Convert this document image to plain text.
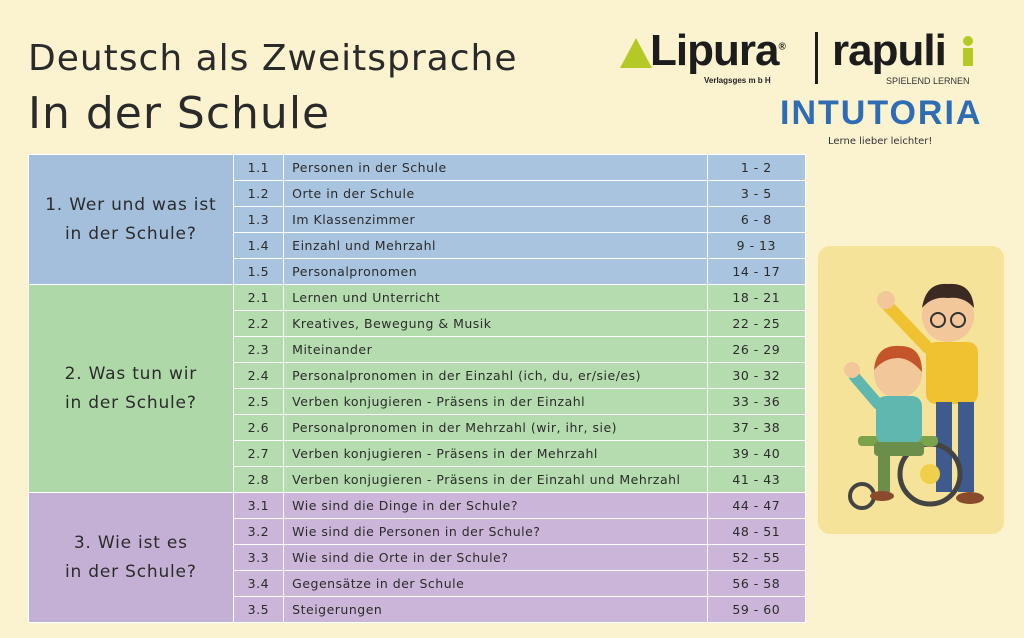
Deutsch als Zweitsprache
In der Schule
Lipura®
Verlagsges m b H
rapuli
SPIELEND LERNEN
INTUTORIA
Lerne lieber leichter!
1. Wer und was ist
in der Schule?	1.1	Personen in der Schule	1 - 2
	1.2	Orte in der Schule	3 - 5
	1.3	Im Klassenzimmer	6 - 8
	1.4	Einzahl und Mehrzahl	9 - 13
	1.5	Personalpronomen	14 - 17

2. Was tun wir
in der Schule?	2.1	Lernen und Unterricht	18 - 21
	2.2	Kreatives, Bewegung & Musik	22 - 25
	2.3	Miteinander	26 - 29
	2.4	Personalpronomen in der Einzahl (ich, du, er/sie/es)	30 - 32
	2.5	Verben konjugieren - Präsens in der Einzahl	33 - 36
	2.6	Personalpronomen in der Mehrzahl (wir, ihr, sie)	37 - 38
	2.7	Verben konjugieren - Präsens in der Mehrzahl	39 - 40
	2.8	Verben konjugieren - Präsens in der Einzahl und Mehrzahl	41 - 43

3. Wie ist es
in der Schule?	3.1	Wie sind die Dinge in der Schule?	44 - 47
	3.2	Wie sind die Personen in der Schule?	48 - 51
	3.3	Wie sind die Orte in der Schule?	52 - 55
	3.4	Gegensätze in der Schule	56 - 58
	3.5	Steigerungen	59 - 60
